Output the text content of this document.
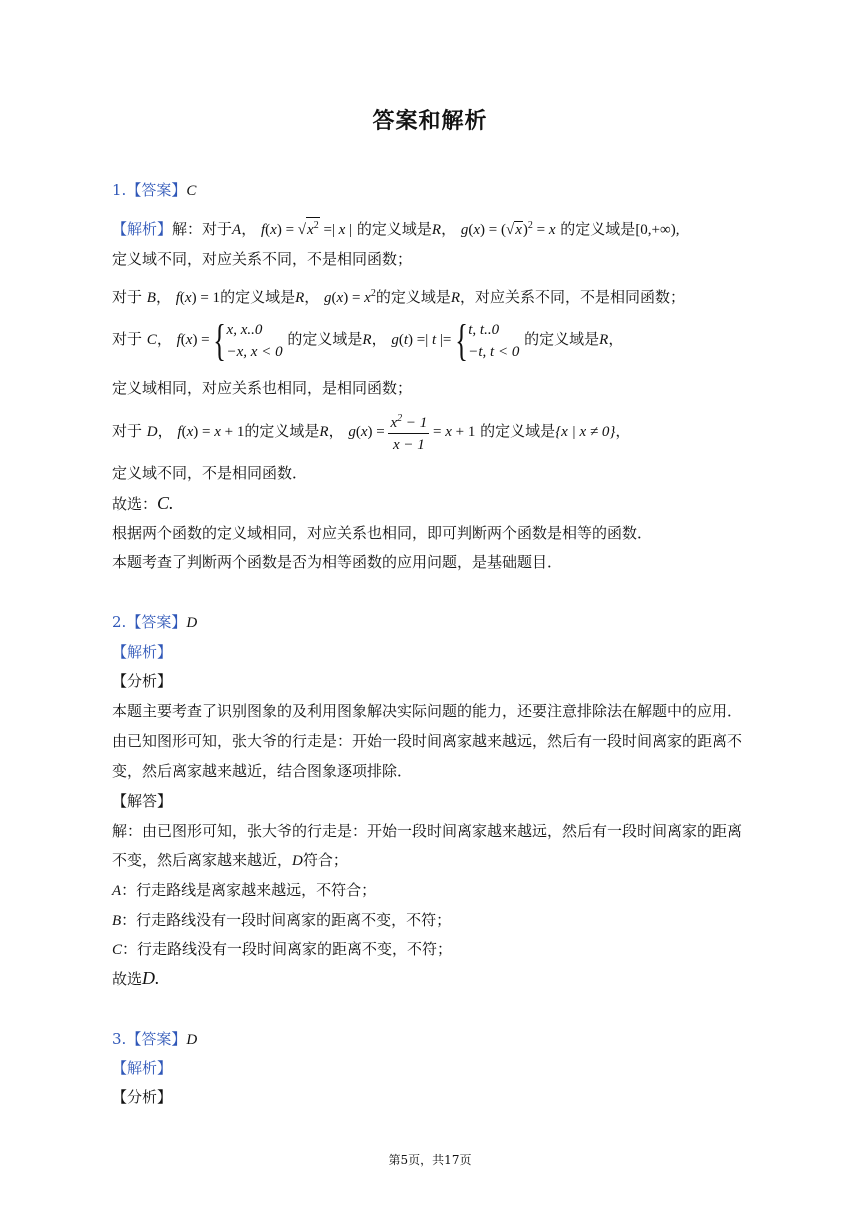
答案和解析
1.【答案】C
【解析】解：对于A， $f(x) = √x^2$ =| x | 的定义域是R， $g(x) = (√x)^2 = x$ 的定义域是[0,+∞),
定义域不同，对应关系不同，不是相同函数；
对于 B， f(x) = 1的定义域是R， $g(x) = x^2$的定义域是R，对应关系不同，不是相同函数；
对于 C， f(x) = {x, x..0
−x, x < 0 的定义域是R， g(t) =| t |= {t, t..0
−t, t < 0 的定义域是R，
定义域相同，对应关系也相同，是相同函数；
对于 D， f(x) = x + 1的定义域是R， $g(x) = \frac{x^2 - 1}{x - 1} = x + 1$ 的定义域是{x | x ≠ 0}，
定义域不同，不是相同函数．
故选：C.
根据两个函数的定义域相同，对应关系也相同，即可判断两个函数是相等的函数．
本题考查了判断两个函数是否为相等函数的应用问题，是基础题目．
2.【答案】D
【解析】
【分析】
本题主要考查了识别图象的及利用图象解决实际问题的能力，还要注意排除法在解题中的应用．
由已知图形可知，张大爷的行走是：开始一段时间离家越来越远，然后有一段时间离家的距离不
变，然后离家越来越近，结合图象逐项排除．
【解答】
解：由已图形可知，张大爷的行走是：开始一段时间离家越来越远，然后有一段时间离家的距离
不变，然后离家越来越近，D符合；
A：行走路线是离家越来越远，不符合；
B：行走路线没有一段时间离家的距离不变，不符；
C：行走路线没有一段时间离家的距离不变，不符；
故选D.
3.【答案】D
【解析】
【分析】
第5页，共17页
